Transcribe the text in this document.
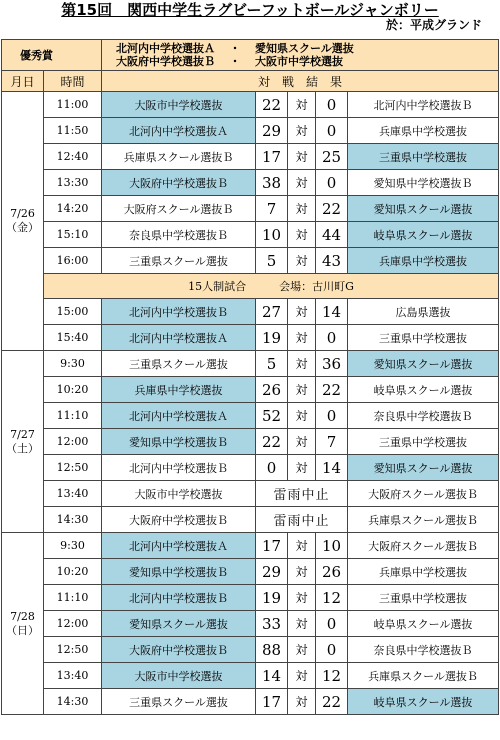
第15回　関西中学生ラグビーフットボールジャンボリー
於：平成グランド
優秀賞		北河内中学校選抜Ａ ・ 愛知県スクール選抜
大阪府中学校選抜Ｂ ・ 大阪市中学校選抜				

月日	時間	対　戦　結　果				
7/26
（金）	11:00	大阪市中学校選抜	22	対	0	北河内中学校選抜Ｂ
	11:50	北河内中学校選抜Ａ	29	対	0	兵庫県中学校選抜
	12:40	兵庫県スクール選抜Ｂ	17	対	25	三重県中学校選抜
	13:30	大阪府中学校選抜Ｂ	38	対	0	愛知県中学校選抜Ｂ
	14:20	大阪府スクール選抜Ｂ	7	対	22	愛知県スクール選抜
	15:10	奈良県中学校選抜Ｂ	10	対	44	岐阜県スクール選抜
	16:00	三重県スクール選抜	5	対	43	兵庫県中学校選抜
	15人制試合　　　会場：古川町G					
	15:00	北河内中学校選抜Ｂ	27	対	14	広島県選抜
	15:40	北河内中学校選抜Ａ	19	対	0	三重県中学校選抜
7/27
（土）	9:30	三重県スクール選抜	5	対	36	愛知県スクール選抜
	10:20	兵庫県中学校選抜	26	対	22	岐阜県スクール選抜
	11:10	北河内中学校選抜Ａ	52	対	0	奈良県中学校選抜Ｂ
	12:00	愛知県中学校選抜Ｂ	22	対	7	三重県中学校選抜
	12:50	北河内中学校選抜Ｂ	0	対	14	愛知県スクール選抜
	13:40	大阪市中学校選抜	雷雨中止			大阪府スクール選抜Ｂ
	14:30	大阪府中学校選抜Ｂ	雷雨中止			兵庫県スクール選抜Ｂ
7/28
（日）	9:30	北河内中学校選抜Ａ	17	対	10	大阪府スクール選抜Ｂ
	10:20	愛知県中学校選抜Ｂ	29	対	26	兵庫県中学校選抜
	11:10	北河内中学校選抜Ｂ	19	対	12	三重県中学校選抜
	12:00	愛知県スクール選抜	33	対	0	岐阜県スクール選抜
	12:50	大阪府中学校選抜Ｂ	88	対	0	奈良県中学校選抜Ｂ
	13:40	大阪市中学校選抜	14	対	12	兵庫県スクール選抜Ｂ
	14:30	三重県スクール選抜	17	対	22	岐阜県スクール選抜
